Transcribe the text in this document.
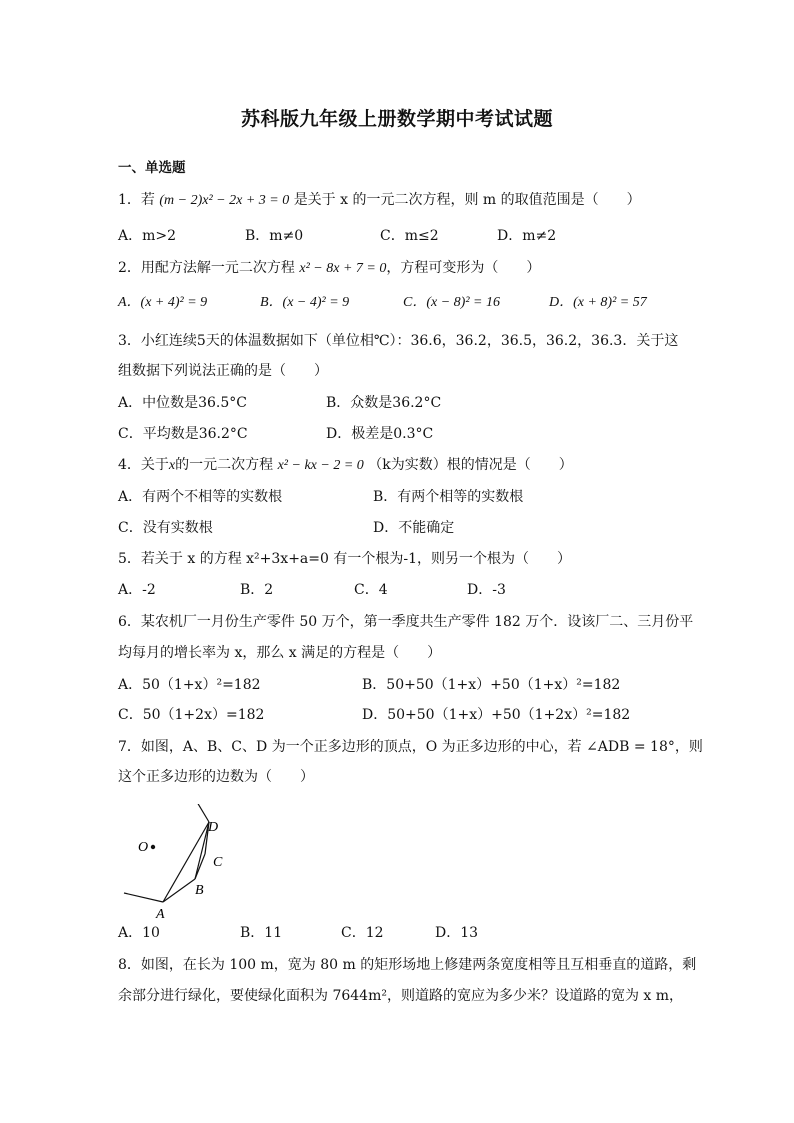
苏科版九年级上册数学期中考试试题
一、单选题
1．若 (m − 2)x² − 2x + 3 = 0 是关于 x 的一元二次方程，则 m 的取值范围是（　　）
A．m>2	B．m≠0	C．m≤2	D．m≠2
2．用配方法解一元二次方程 x² − 8x + 7 = 0，方程可变形为（　　）
A．(x + 4)² = 9	B．(x − 4)² = 9	C．(x − 8)² = 16	D．(x + 8)² = 57
3．小红连续5天的体温数据如下（单位相℃）：36.6，36.2，36.5，36.2，36.3．关于这
组数据下列说法正确的是（　　）
A．中位数是36.5°C	B．众数是36.2°C
C．平均数是36.2°C	D．极差是0.3°C
4．关于x的一元二次方程 x² − kx − 2 = 0 （k为实数）根的情况是（　　）
A．有两个不相等的实数根	B．有两个相等的实数根
C．没有实数根	D．不能确定
5．若关于 x 的方程 x²+3x+a=0 有一个根为-1，则另一个根为（　　）
A．-2	B．2	C．4	D．-3
6．某农机厂一月份生产零件 50 万个，第一季度共生产零件 182 万个．设该厂二、三月份平
均每月的增长率为 x，那么 x 满足的方程是（　　）
A．50（1+x）²=182	B．50+50（1+x）+50（1+x）²=182
C．50（1+2x）=182	D．50+50（1+x）+50（1+2x）²=182
7．如图，A、B、C、D 为一个正多边形的顶点，O 为正多边形的中心，若 ∠ADB = 18°，则
这个正多边形的边数为（　　）
O
A
B
C
D
A．10	B．11	C．12	D．13
8．如图，在长为 100 m，宽为 80 m 的矩形场地上修建两条宽度相等且互相垂直的道路，剩
余部分进行绿化，要使绿化面积为 7644m²，则道路的宽应为多少米？设道路的宽为 x m，
